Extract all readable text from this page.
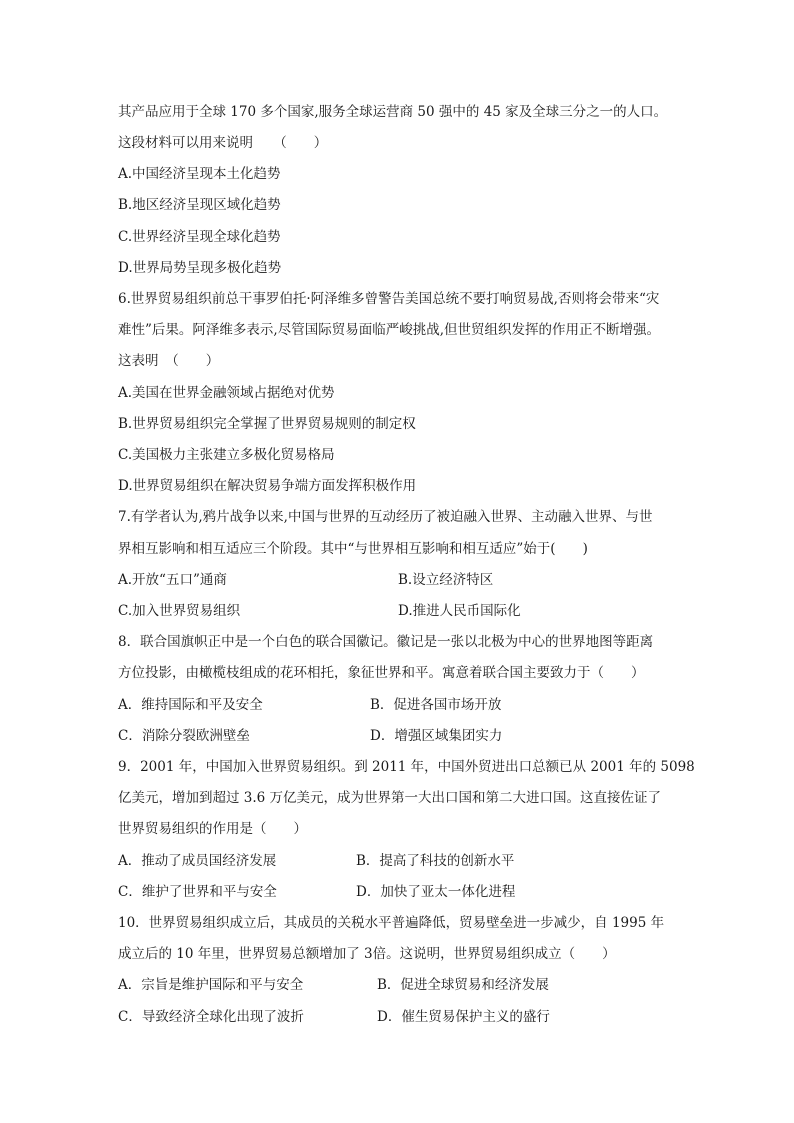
其产品应用于全球 170 多个国家,服务全球运营商 50 强中的 45 家及全球三分之一的人口。
这段材料可以用来说明　　（　　）
A.中国经济呈现本土化趋势
B.地区经济呈现区域化趋势
C.世界经济呈现全球化趋势
D.世界局势呈现多极化趋势
6.世界贸易组织前总干事罗伯托·阿泽维多曾警告美国总统不要打响贸易战,否则将会带来“灾
难性”后果。阿泽维多表示,尽管国际贸易面临严峻挑战,但世贸组织发挥的作用正不断增强。
这表明　（　　）
A.美国在世界金融领域占据绝对优势
B.世界贸易组织完全掌握了世界贸易规则的制定权
C.美国极力主张建立多极化贸易格局
D.世界贸易组织在解决贸易争端方面发挥积极作用
7.有学者认为,鸦片战争以来,中国与世界的互动经历了被迫融入世界、主动融入世界、与世
界相互影响和相互适应三个阶段。其中“与世界相互影响和相互适应”始于(　　)
A.开放“五口”通商	B.设立经济特区
C.加入世界贸易组织	D.推进人民币国际化
8．联合国旗帜正中是一个白色的联合国徽记。徽记是一张以北极为中心的世界地图等距离
方位投影，由橄榄枝组成的花环相托，象征世界和平。寓意着联合国主要致力于（　　）
A．维持国际和平及安全	B．促进各国市场开放
C．消除分裂欧洲壁垒	D．增强区域集团实力
9．2001 年，中国加入世界贸易组织。到 2011 年，中国外贸进出口总额已从 2001 年的 5098
亿美元，增加到超过 3.6 万亿美元，成为世界第一大出口国和第二大进口国。这直接佐证了
世界贸易组织的作用是（　　）
A．推动了成员国经济发展	B．提高了科技的创新水平
C．维护了世界和平与安全	D．加快了亚太一体化进程
10．世界贸易组织成立后，其成员的关税水平普遍降低，贸易壁垒进一步减少，自 1995 年
成立后的 10 年里，世界贸易总额增加了 3倍。这说明，世界贸易组织成立（　　）
A．宗旨是维护国际和平与安全	B．促进全球贸易和经济发展
C．导致经济全球化出现了波折	D．催生贸易保护主义的盛行
